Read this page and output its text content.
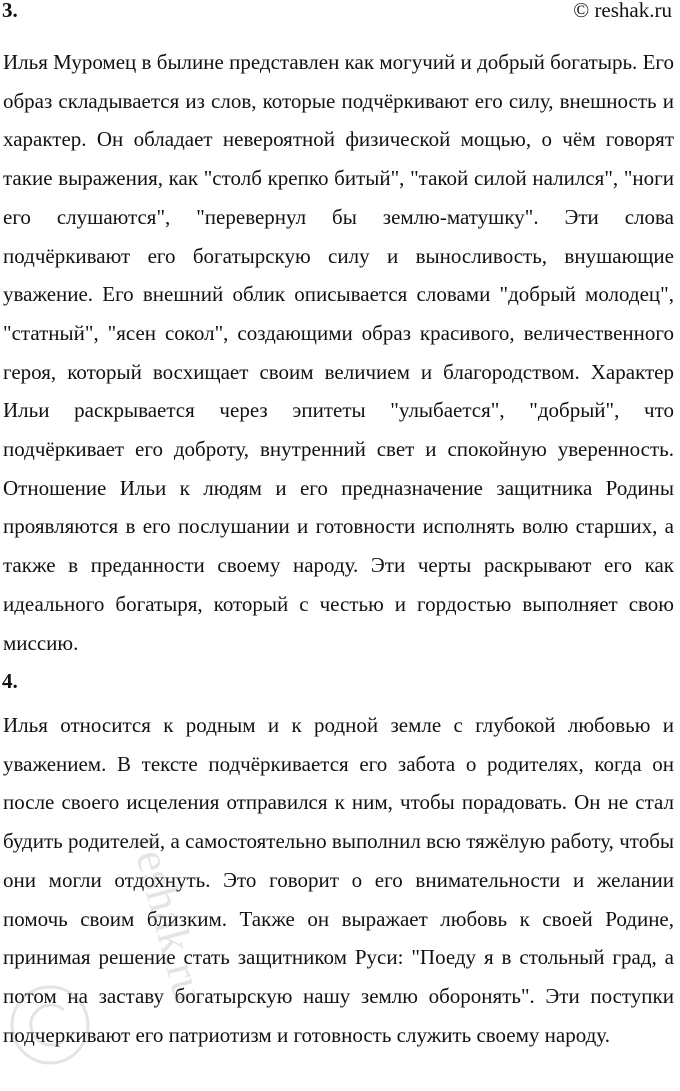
3.	© reshak.ru

Илья Муромец в былине представлен как могучий и добрый богатырь. Его образ складывается из слов, которые подчёркивают его силу, внешность и характер. Он обладает невероятной физической мощью, о чём говорят такие выражения, как "столб крепко битый", "такой силой налился", "ноги его слушаются", "перевернул бы землю-матушку". Эти слова подчёркивают его богатырскую силу и выносливость, внушающие уважение. Его внешний облик описывается словами "добрый молодец", "статный", "ясен сокол", создающими образ красивого, величественного героя, который восхищает своим величием и благородством. Характер Ильи раскрывается через эпитеты "улыбается", "добрый", что подчёркивает его доброту, внутренний свет и спокойную уверенность. Отношение Ильи к людям и его предназначение защитника Родины проявляются в его послушании и готовности исполнять волю старших, а также в преданности своему народу. Эти черты раскрывают его как идеального богатыря, который с честью и гордостью выполняет свою миссию.

4.

Илья относится к родным и к родной земле с глубокой любовью и уважением. В тексте подчёркивается его забота о родителях, когда он после своего исцеления отправился к ним, чтобы порадовать. Он не стал будить родителей, а самостоятельно выполнил всю тяжёлую работу, чтобы они могли отдохнуть. Это говорит о его внимательности и желании помочь своим близким. Также он выражает любовь к своей Родине, принимая решение стать защитником Руси: "Поеду я в стольный град, а потом на заставу богатырскую нашу землю оборонять". Эти поступки подчеркивают его патриотизм и готовность служить своему народу.

reshak.ru
